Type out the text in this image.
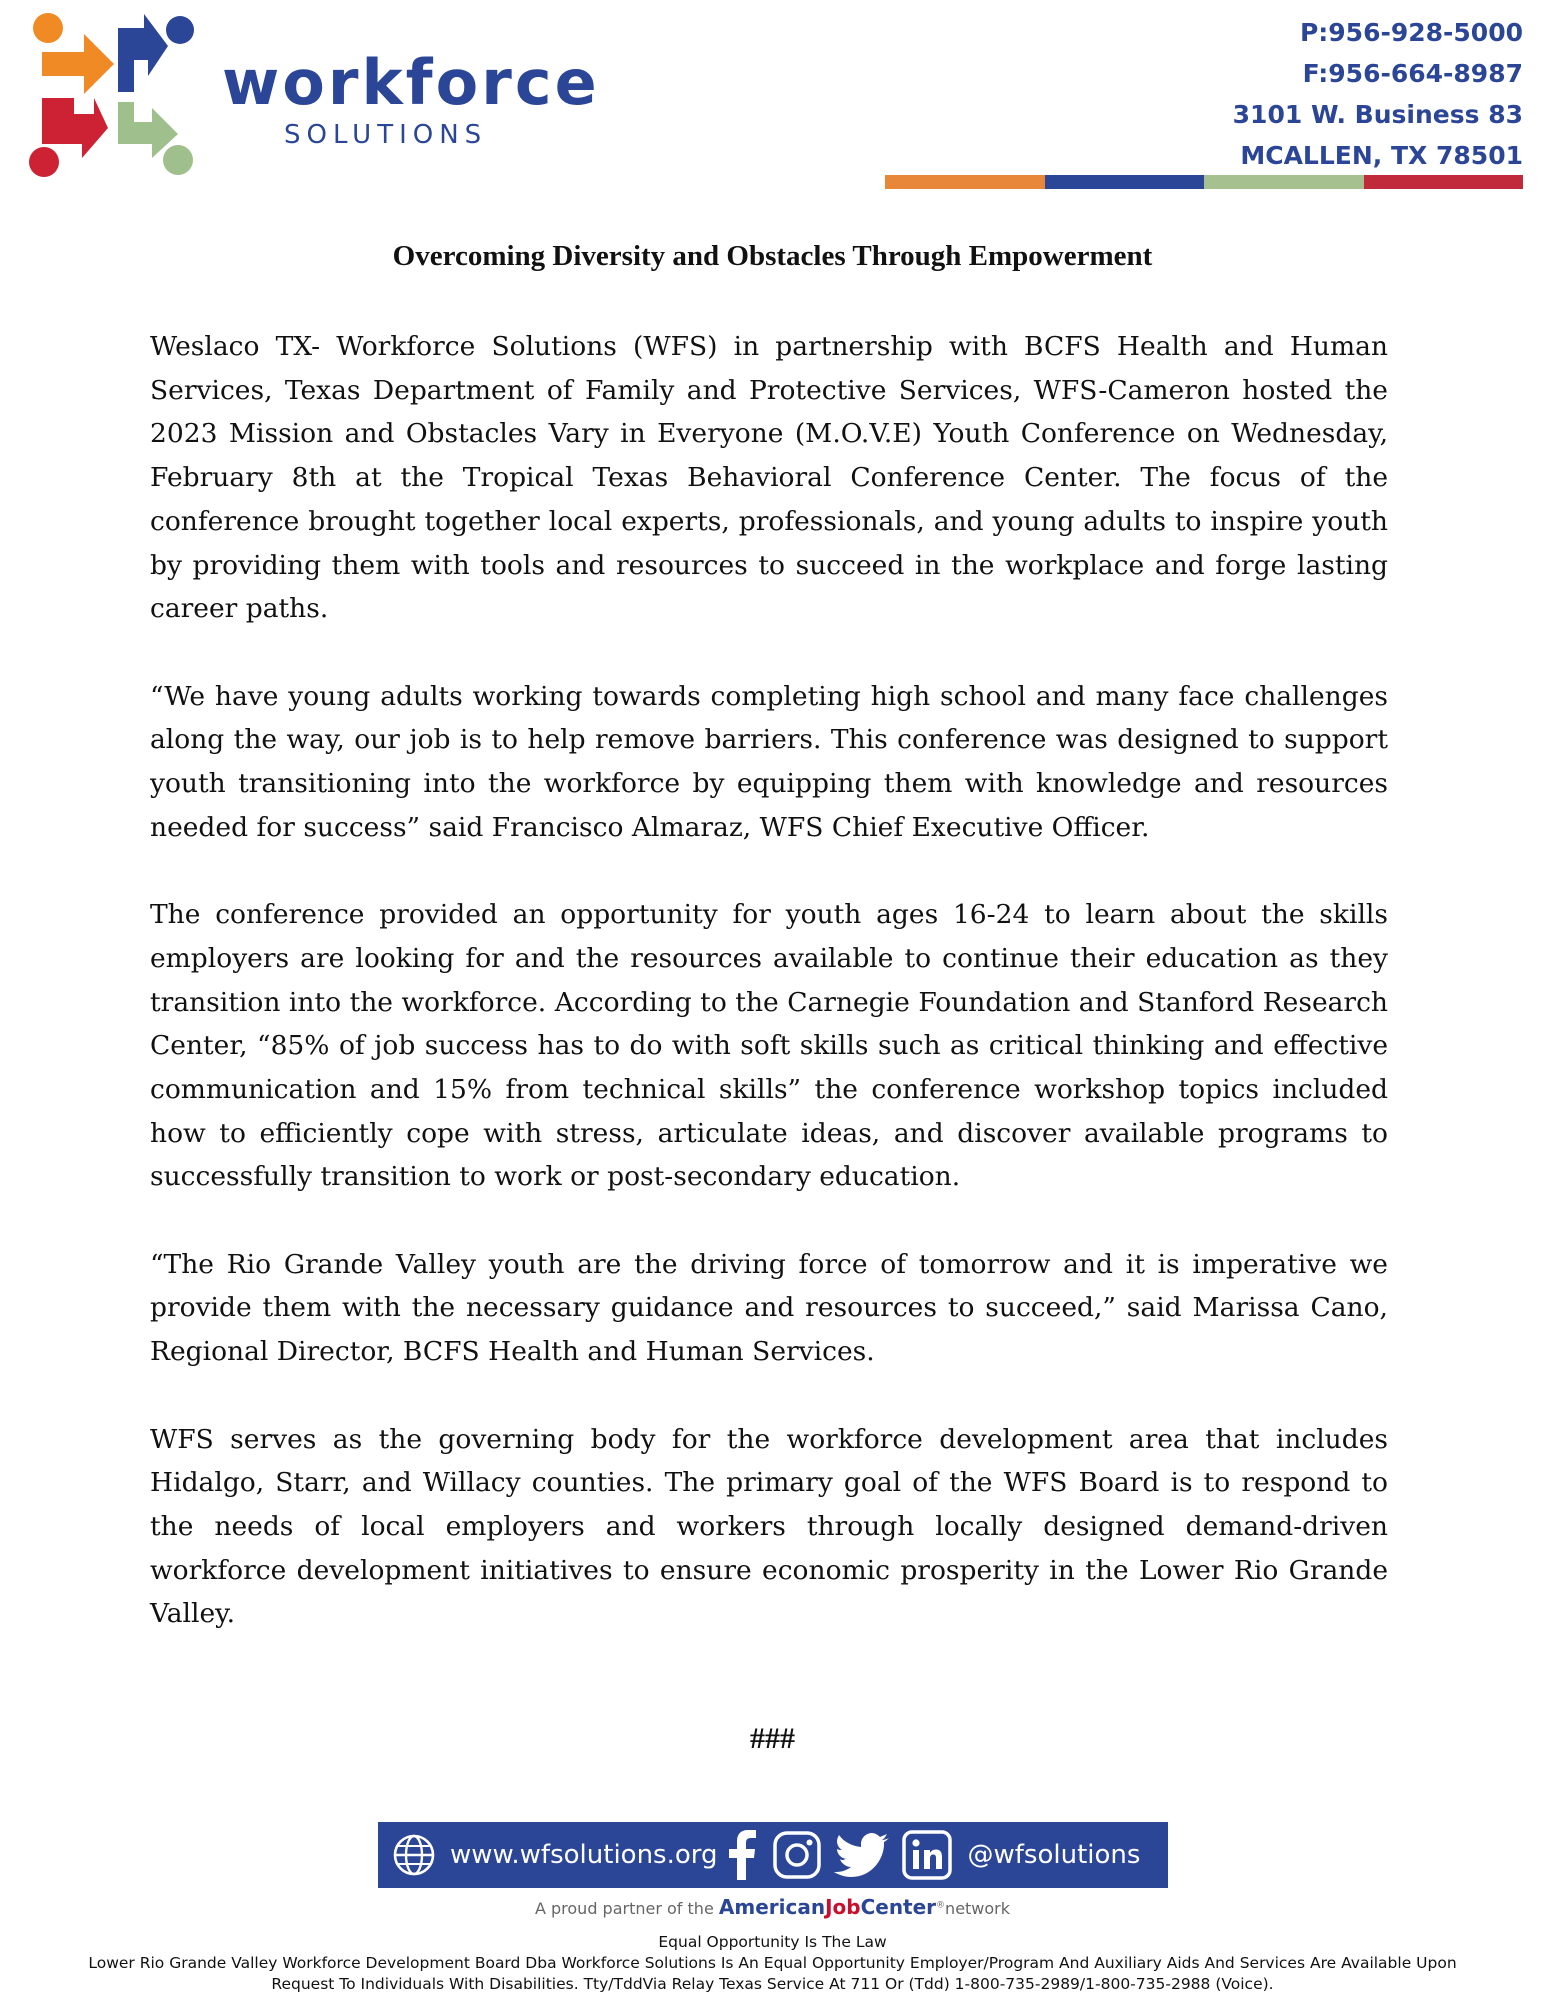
workforce
SOLUTIONS
P:956-928-5000
F:956-664-8987
3101 W. Business 83
MCALLEN, TX 78501
Overcoming Diversity and Obstacles Through Empowerment

Weslaco TX- Workforce Solutions (WFS) in partnership with BCFS Health and Human Services, Texas Department of Family and Protective Services, WFS-Cameron hosted the 2023 Mission and Obstacles Vary in Everyone (M.O.V.E) Youth Conference on Wednesday, February 8th at the Tropical Texas Behavioral Conference Center. The focus of the conference brought together local experts, professionals, and young adults to inspire youth by providing them with tools and resources to succeed in the workplace and forge lasting career paths.

“We have young adults working towards completing high school and many face challenges along the way, our job is to help remove barriers. This conference was designed to support youth transitioning into the workforce by equipping them with knowledge and resources needed for success” said Francisco Almaraz, WFS Chief Executive Officer.

The conference provided an opportunity for youth ages 16-24 to learn about the skills employers are looking for and the resources available to continue their education as they transition into the workforce. According to the Carnegie Foundation and Stanford Research Center, “85% of job success has to do with soft skills such as critical thinking and effective communication and 15% from technical skills” the conference workshop topics included how to efficiently cope with stress, articulate ideas, and discover available programs to successfully transition to work or post-secondary education.

“The Rio Grande Valley youth are the driving force of tomorrow and it is imperative we provide them with the necessary guidance and resources to succeed,” said Marissa Cano, Regional Director, BCFS Health and Human Services.

WFS serves as the governing body for the workforce development area that includes Hidalgo, Starr, and Willacy counties. The primary goal of the WFS Board is to respond to the needs of local employers and workers through locally designed demand-driven workforce development initiatives to ensure economic prosperity in the Lower Rio Grande Valley.

###
www.wfsolutions.org	@wfsolutions
A proud partner of the AmericanJobCenter®network
Equal Opportunity Is The Law
Lower Rio Grande Valley Workforce Development Board Dba Workforce Solutions Is An Equal Opportunity Employer/Program And Auxiliary Aids And Services Are Available Upon
Request To Individuals With Disabilities. Tty/TddVia Relay Texas Service At 711 Or (Tdd) 1-800-735-2989/1-800-735-2988 (Voice).
